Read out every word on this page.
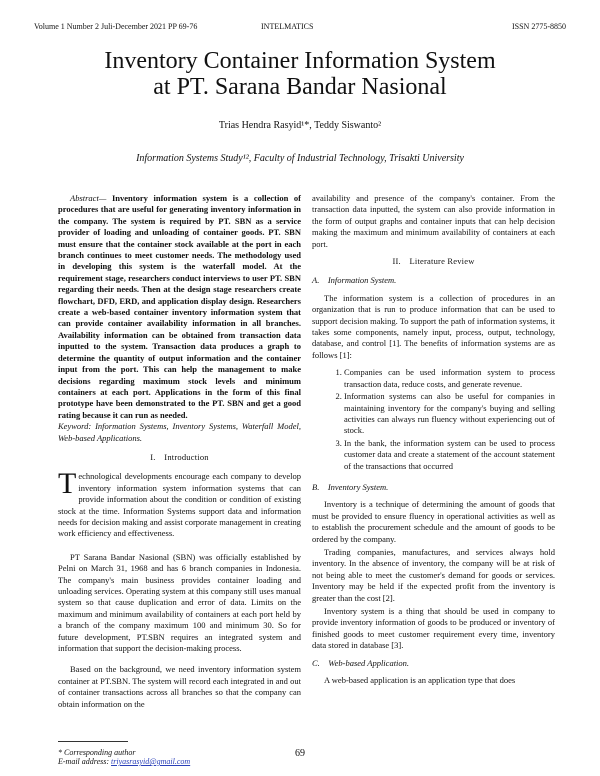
Volume 1 Number 2 Juli-December 2021 PP 69-76	INTELMATICS	ISSN 2775-8850
Inventory Container Information System
at PT. Sarana Bandar Nasional
Trias Hendra Rasyid¹*, Teddy Siswanto²
Information Systems Study¹², Faculty of Industrial Technology, Trisakti University

Abstract— Inventory information system is a collection of procedures that are useful for generating inventory information in the company. The system is required by PT. SBN as a service provider of loading and unloading of container goods. PT. SBN must ensure that the container stock available at the port in each branch continues to meet customer needs. The methodology used in developing this system is the waterfall model. At the requirement stage, researchers conduct interviews to user PT. SBN regarding their needs. Then at the design stage researchers create flowchart, DFD, ERD, and application display design. Researchers create a web-based container inventory information system that can provide container availability information in all branches. Availability information can be obtained from transaction data inputted to the system. Transaction data produces a graph to determine the quantity of output information and the container input from the port. This can help the management to make decisions regarding maximum stock levels and minimum containers at each port. Applications in the form of this final prototype have been demonstrated to the PT. SBN and get a good rating because it can run as needed.

Keyword: Information Systems, Inventory Systems, Waterfall Model, Web-based Applications.

I. Introduction

Technological developments encourage each company to develop inventory information system information systems that can provide information about the condition or condition of existing stock at the time. Information Systems support data and information needs for decision making and assist corporate management in creating work efficiency and effectiveness.

PT Sarana Bandar Nasional (SBN) was officially established by Pelni on March 31, 1968 and has 6 branch companies in Indonesia. The company's main business provides container loading and unloading services. Operating system at this company still uses manual system so that cause duplication and error of data. Limits on the maximum and minimum availability of containers at each port held by a branch of the company maximum 100 and minimum 30. So for future development, PT.SBN requires an integrated system and information that support the decision-making process.

Based on the background, we need inventory information system container at PT.SBN. The system will record each integrated in and out of container transactions across all branches so that the company can obtain information on the

availability and presence of the company's container. From the transaction data inputted, the system can also provide information in the form of output graphs and container inputs that can help decision making the maximum and minimum availability of containers at each port.

II. Literature Review
A. Information System.

The information system is a collection of procedures in an organization that is run to produce information that can be used to support decision making. To support the path of information systems, it takes some components, namely input, process, output, technology, database, and control [1]. The benefits of information systems are as follows [1]:

1. Companies can be used information system to process transaction data, reduce costs, and generate revenue.
2. Information systems can also be useful for companies in maintaining inventory for the company's buying and selling activities can always run fluency without experiencing out of stock.
3. In the bank, the information system can be used to process customer data and create a statement of the account statement of the transactions that occurred
B. Inventory System.

Inventory is a technique of determining the amount of goods that must be provided to ensure fluency in operational activities as well as to establish the procurement schedule and the amount of goods to be ordered by the company.

Trading companies, manufactures, and services always hold inventory. In the absence of inventory, the company will be at risk of not being able to meet the customer's demand for goods or services. Inventory may be held if the expected profit from the inventory is greater than the cost [2].

Inventory system is a thing that should be used in company to provide inventory information of goods to be produced or inventory of finished goods to meet customer requirement every time, inventory data stored in database [3].

C. Web-based Application.

A web-based application is an application type that does

* Corresponding author
E-mail address: triyasrasyid@gmail.com
69
